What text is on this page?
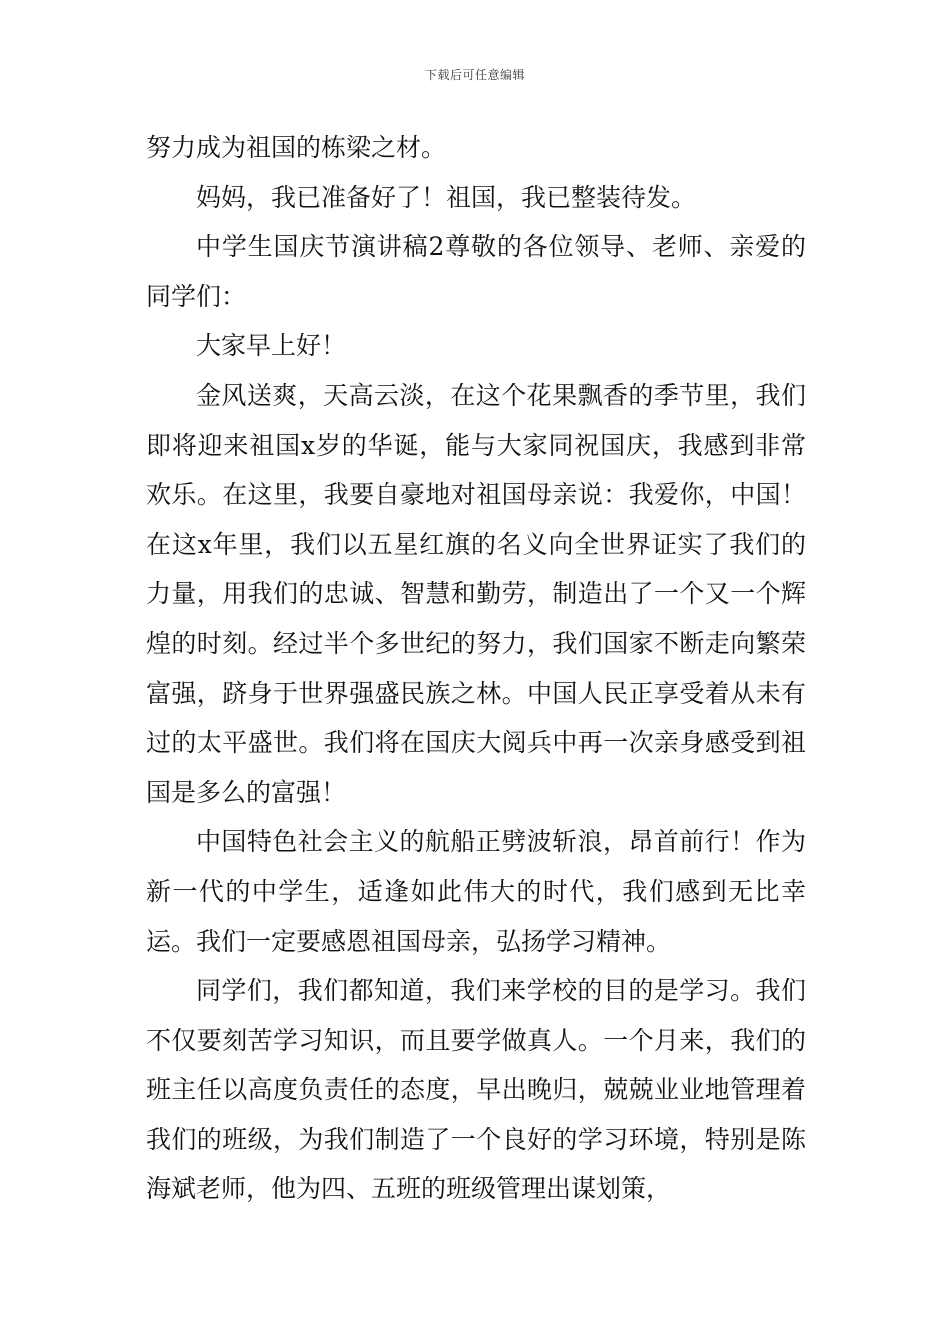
下载后可任意编辑

努力成为祖国的栋梁之材。

妈妈，我已准备好了！祖国，我已整装待发。

中学生国庆节演讲稿2尊敬的各位领导、老师、亲爱的同学们：

大家早上好！

金风送爽，天高云淡，在这个花果飘香的季节里，我们即将迎来祖国x岁的华诞，能与大家同祝国庆，我感到非常欢乐。在这里，我要自豪地对祖国母亲说：我爱你，中国！在这x年里，我们以五星红旗的名义向全世界证实了我们的力量，用我们的忠诚、智慧和勤劳，制造出了一个又一个辉煌的时刻。经过半个多世纪的努力，我们国家不断走向繁荣富强，跻身于世界强盛民族之林。中国人民正享受着从未有过的太平盛世。我们将在国庆大阅兵中再一次亲身感受到祖国是多么的富强！

中国特色社会主义的航船正劈波斩浪，昂首前行！作为新一代的中学生，适逢如此伟大的时代，我们感到无比幸运。我们一定要感恩祖国母亲，弘扬学习精神。

同学们，我们都知道，我们来学校的目的是学习。我们不仅要刻苦学习知识，而且要学做真人。一个月来，我们的班主任以高度负责任的态度，早出晚归，兢兢业业地管理着我们的班级，为我们制造了一个良好的学习环境，特别是陈海斌老师，他为四、五班的班级管理出谋划策，
